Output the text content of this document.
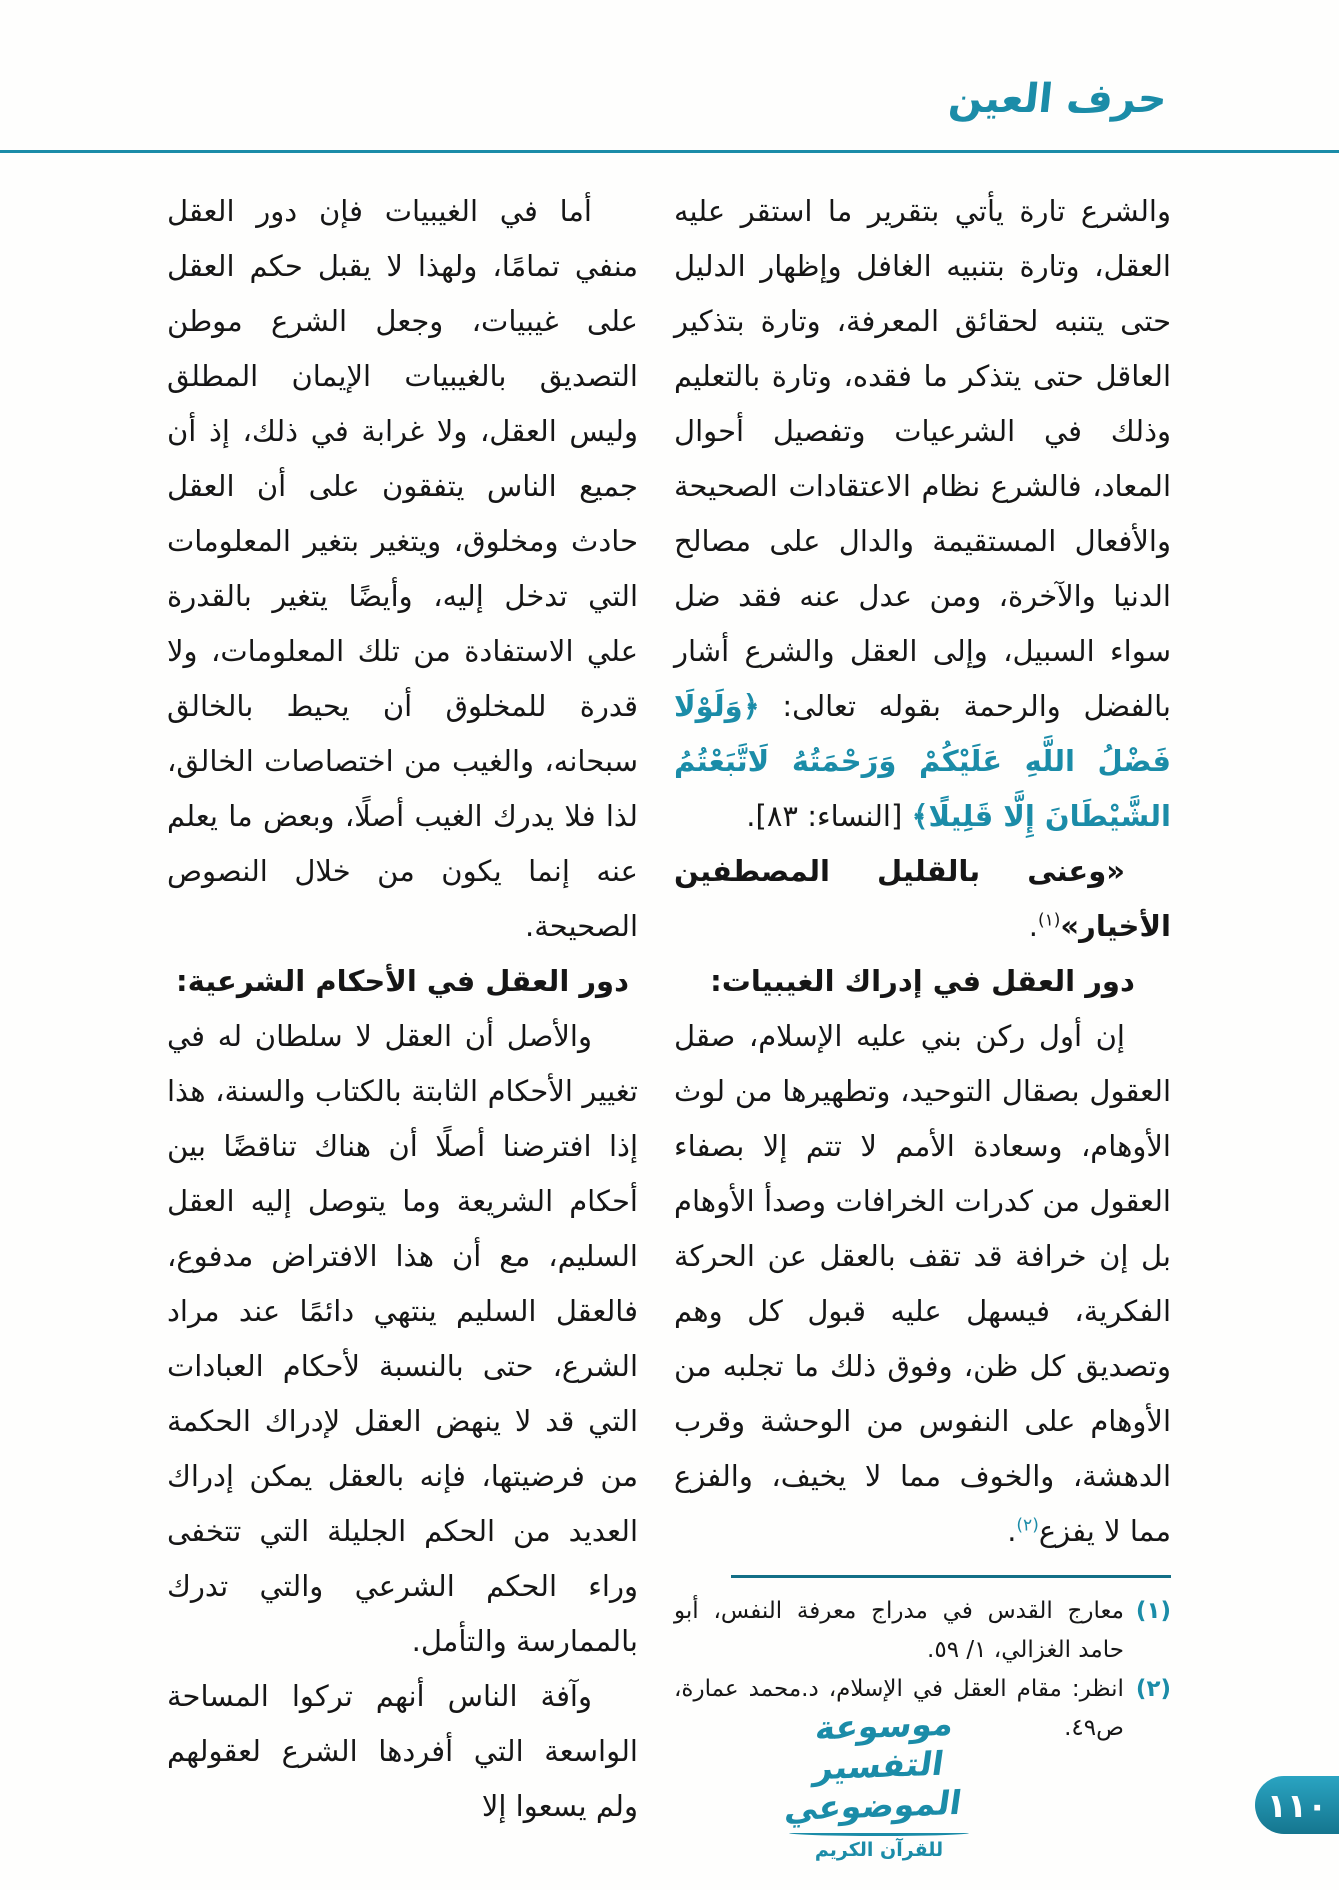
حرف العين

والشرع تارة يأتي بتقرير ما استقر عليه العقل، وتارة بتنبيه الغافل وإظهار الدليل حتى يتنبه لحقائق المعرفة، وتارة بتذكير العاقل حتى يتذكر ما فقده، وتارة بالتعليم وذلك في الشرعيات وتفصيل أحوال المعاد، فالشرع نظام الاعتقادات الصحيحة والأفعال المستقيمة والدال على مصالح الدنيا والآخرة، ومن عدل عنه فقد ضل سواء السبيل، وإلى العقل والشرع أشار بالفضل والرحمة بقوله تعالى: ﴿وَلَوْلَا فَضْلُ اللَّهِ عَلَيْكُمْ وَرَحْمَتُهُ لَاتَّبَعْتُمُ الشَّيْطَانَ إِلَّا قَلِيلًا﴾ [النساء: ٨٣].

«وعنى بالقليل المصطفين الأخيار»$^{(١)}$.

دور العقل في إدراك الغيبيات:

إن أول ركن بني عليه الإسلام، صقل العقول بصقال التوحيد، وتطهيرها من لوث الأوهام، وسعادة الأمم لا تتم إلا بصفاء العقول من كدرات الخرافات وصدأ الأوهام بل إن خرافة قد تقف بالعقل عن الحركة الفكرية، فيسهل عليه قبول كل وهم وتصديق كل ظن، وفوق ذلك ما تجلبه من الأوهام على النفوس من الوحشة وقرب الدهشة، والخوف مما لا يخيف، والفزع مما لا يفزع$^{(٢)}$.

(١)
معارج القدس في مدراج معرفة النفس، أبو حامد الغزالي، ١/ ٥٩.
(٢)
انظر: مقام العقل في الإسلام، د.محمد عمارة، ص٤٩.

أما في الغيبيات فإن دور العقل منفي تمامًا، ولهذا لا يقبل حكم العقل على غيبيات، وجعل الشرع موطن التصديق بالغيبيات الإيمان المطلق وليس العقل، ولا غرابة في ذلك، إذ أن جميع الناس يتفقون على أن العقل حادث ومخلوق، ويتغير بتغير المعلومات التي تدخل إليه، وأيضًا يتغير بالقدرة علي الاستفادة من تلك المعلومات، ولا قدرة للمخلوق أن يحيط بالخالق سبحانه، والغيب من اختصاصات الخالق، لذا فلا يدرك الغيب أصلًا، وبعض ما يعلم عنه إنما يكون من خلال النصوص الصحيحة.

دور العقل في الأحكام الشرعية:

والأصل أن العقل لا سلطان له في تغيير الأحكام الثابتة بالكتاب والسنة، هذا إذا افترضنا أصلًا أن هناك تناقضًا بين أحكام الشريعة وما يتوصل إليه العقل السليم، مع أن هذا الافتراض مدفوع، فالعقل السليم ينتهي دائمًا عند مراد الشرع، حتى بالنسبة لأحكام العبادات التي قد لا ينهض العقل لإدراك الحكمة من فرضيتها، فإنه بالعقل يمكن إدراك العديد من الحكم الجليلة التي تتخفى وراء الحكم الشرعي والتي تدرك بالممارسة والتأمل.

وآفة الناس أنهم تركوا المساحة الواسعة التي أفردها الشرع لعقولهم ولم يسعوا إلا

موسوعة التفسير الموضوعي
للقرآن الكريم
١١٠
